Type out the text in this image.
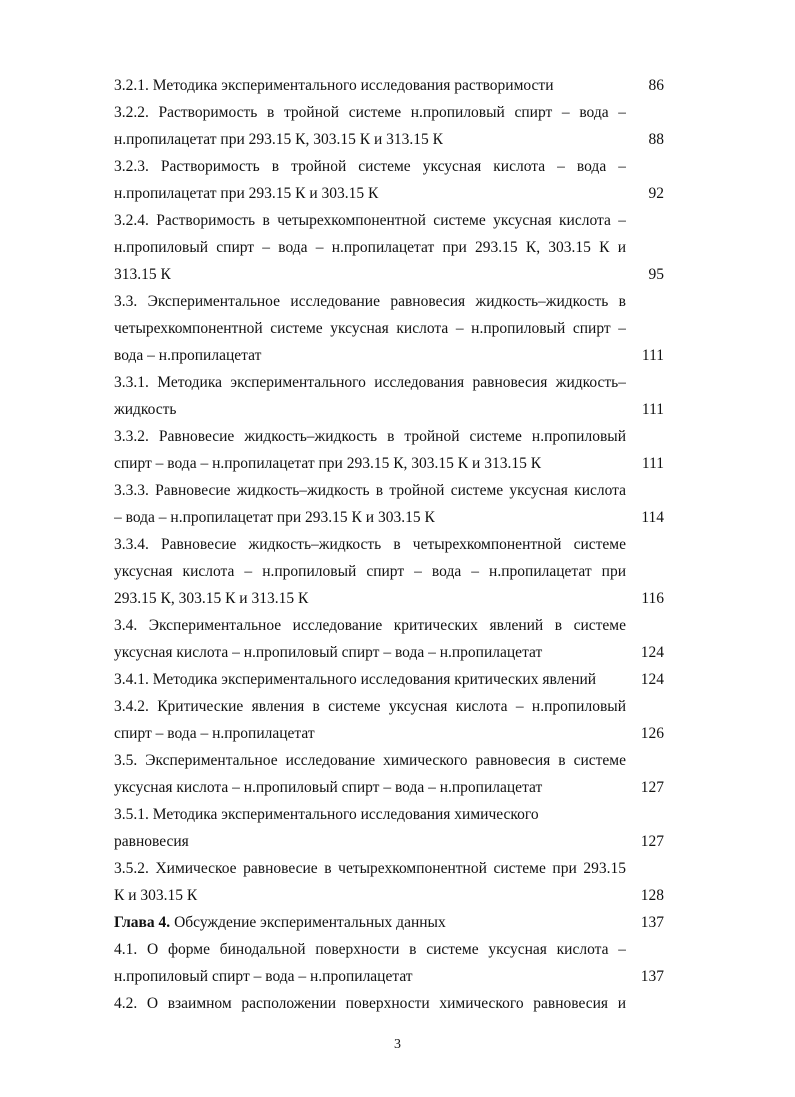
3.2.1. Методика экспериментального исследования растворимости	86
3.2.2. Растворимость в тройной системе н.пропиловый спирт – вода –
н.пропилацетат при 293.15 К, 303.15 К и 313.15 К	88
3.2.3. Растворимость в тройной системе уксусная кислота – вода –
н.пропилацетат при 293.15 К и 303.15 К	92
3.2.4. Растворимость в четырехкомпонентной системе уксусная кислота –
н.пропиловый спирт – вода – н.пропилацетат при 293.15 К, 303.15 К и
313.15 К	95
3.3. Экспериментальное исследование равновесия жидкость–жидкость в
четырехкомпонентной системе уксусная кислота – н.пропиловый спирт –
вода – н.пропилацетат	111
3.3.1. Методика экспериментального исследования равновесия жидкость–
жидкость	111
3.3.2. Равновесие жидкость–жидкость в тройной системе н.пропиловый
спирт – вода – н.пропилацетат при 293.15 К, 303.15 К и 313.15 К	111
3.3.3. Равновесие жидкость–жидкость в тройной системе уксусная кислота
– вода – н.пропилацетат при 293.15 К и 303.15 К	114
3.3.4. Равновесие жидкость–жидкость в четырехкомпонентной системе
уксусная кислота – н.пропиловый спирт – вода – н.пропилацетат при
293.15 К, 303.15 К и 313.15 К	116
3.4. Экспериментальное исследование критических явлений в системе
уксусная кислота – н.пропиловый спирт – вода – н.пропилацетат	124
3.4.1. Методика экспериментального исследования критических явлений	124
3.4.2. Критические явления в системе уксусная кислота – н.пропиловый
спирт – вода – н.пропилацетат	126
3.5. Экспериментальное исследование химического равновесия в системе
уксусная кислота – н.пропиловый спирт – вода – н.пропилацетат	127
3.5.1. Методика экспериментального исследования химического
равновесия	127
3.5.2. Химическое равновесие в четырехкомпонентной системе при 293.15
К и 303.15 К	128
Глава 4. Обсуждение экспериментальных данных	137
4.1. О форме бинодальной поверхности в системе уксусная кислота –
н.пропиловый спирт – вода – н.пропилацетат	137
4.2. О взаимном расположении поверхности химического равновесия и
3
